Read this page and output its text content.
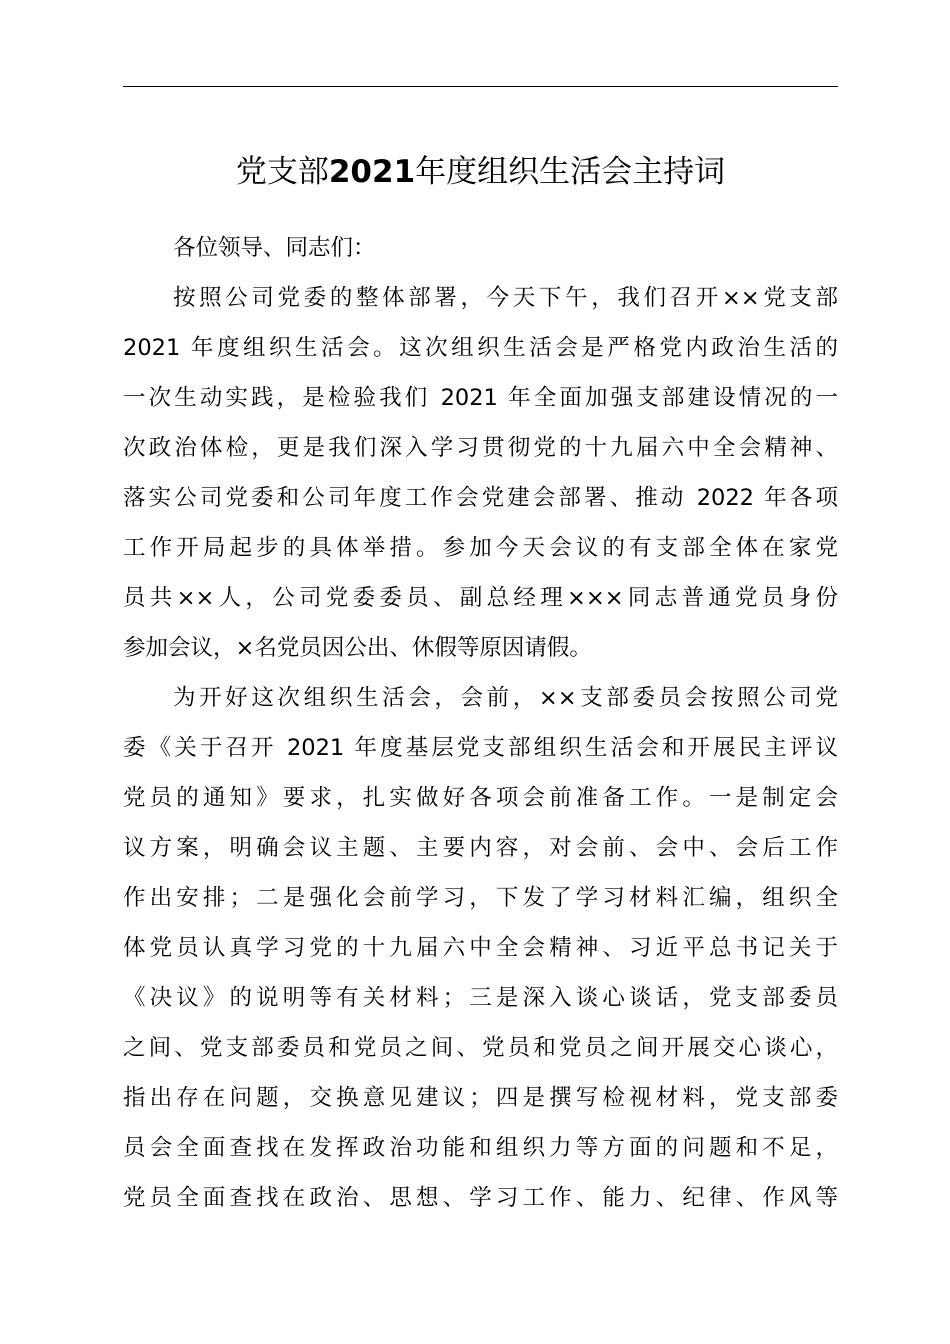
党支部2021年度组织生活会主持词

各位领导、同志们：

按照公司党委的整体部署，今天下午，我们召开××党支部
2021 年度组织生活会。这次组织生活会是严格党内政治生活的
一次生动实践，是检验我们 2021 年全面加强支部建设情况的一
次政治体检，更是我们深入学习贯彻党的十九届六中全会精神、
落实公司党委和公司年度工作会党建会部署、推动 2022 年各项
工作开局起步的具体举措。参加今天会议的有支部全体在家党
员共××人，公司党委委员、副总经理×××同志普通党员身份
参加会议，×名党员因公出、休假等原因请假。

为开好这次组织生活会，会前，××支部委员会按照公司党
委《关于召开 2021 年度基层党支部组织生活会和开展民主评议
党员的通知》要求，扎实做好各项会前准备工作。一是制定会
议方案，明确会议主题、主要内容，对会前、会中、会后工作
作出安排；二是强化会前学习，下发了学习材料汇编，组织全
体党员认真学习党的十九届六中全会精神、习近平总书记关于
《决议》的说明等有关材料；三是深入谈心谈话，党支部委员
之间、党支部委员和党员之间、党员和党员之间开展交心谈心，
指出存在问题，交换意见建议；四是撰写检视材料，党支部委
员会全面查找在发挥政治功能和组织力等方面的问题和不足，
党员全面查找在政治、思想、学习工作、能力、纪律、作风等
